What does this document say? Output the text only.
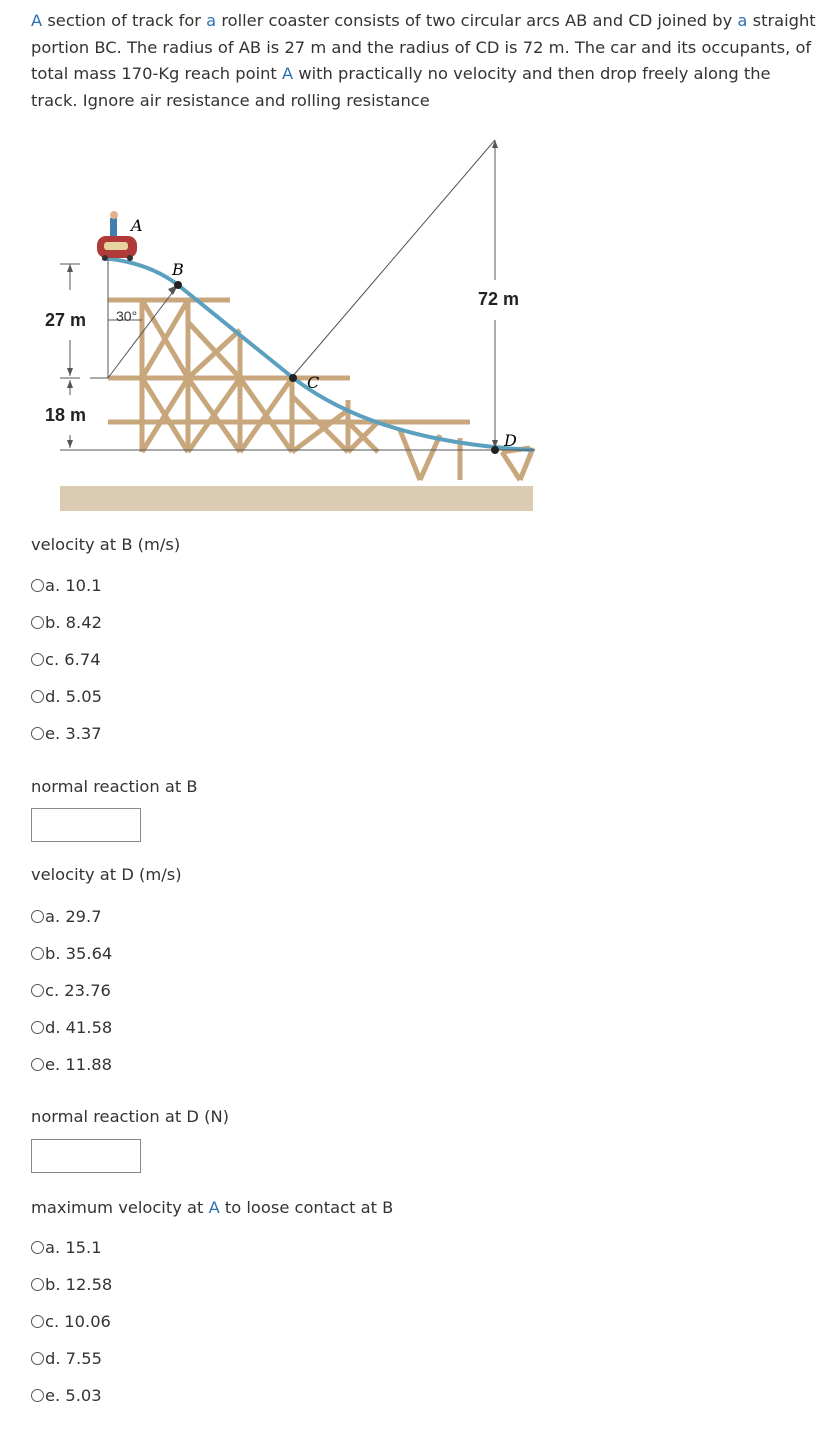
A section of track for a roller coaster consists of two circular arcs AB and CD joined by a straight portion BC. The radius of AB is 27 m and the radius of CD is 72 m. The car and its occupants, of total mass 170-Kg reach point A with practically no velocity and then drop freely along the track. Ignore air resistance and rolling resistance

A
B
C
D
27 m
18 m
72 m
30°

velocity at B (m/s)

a. 10.1
b. 8.42
c. 6.74
d. 5.05
e. 3.37

normal reaction at B

velocity at D (m/s)

a. 29.7
b. 35.64
c. 23.76
d. 41.58
e. 11.88

normal reaction at D (N)

maximum velocity at A to loose contact at B

a. 15.1
b. 12.58
c. 10.06
d. 7.55
e. 5.03
